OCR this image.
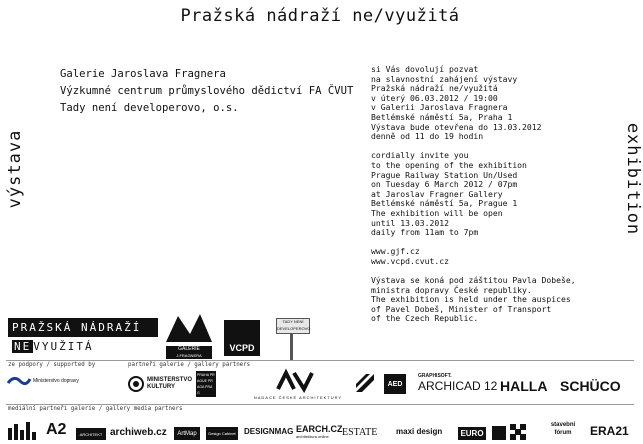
Pražská nádraží ne/využitá
výstava	exhibition
Galerie Jaroslava Fragnera
Výzkumné centrum průmyslového dědictví FA ČVUT
Tady není developerovo, o.s.
si Vás dovolují pozvat
na slavnostní zahájení výstavy
Pražská nádraží ne/využitá
v úterý 06.03.2012 / 19:00
v Galerii Jaroslava Fragnera
Betlémské náměstí 5a, Praha 1
Výstava bude otevřena do 13.03.2012
denně od 11 do 19 hodin
cordially invite you
to the opening of the exhibition
Prague Railway Station Un/Used
on Tuesday 6 March 2012 / 07pm
at Jaroslav Fragner Gallery
Betlémské náměstí 5a, Prague 1
The exhibition will be open
until 13.03.2012
daily from 11am to 7pm
www.gjf.cz
www.vcpd.cvut.cz
Výstava se koná pod záštitou Pavla Dobeše,
ministra dopravy České republiky.
The exhibition is held under the auspices
of Pavel Dobeš, Minister of Transport
of the Czech Republic.
PRAŽSKÁ NÁDRAŽÍ
NE VYUŽITÁ	GALERIE
J.FRAGNERA
VCPD
TADY NENÍ
DEVELOPEROVO
ze podpory / supported by	partneři galerie / gallery partners
mediální partneři galerie / gallery media partners
Ministerstvo dopravy	MINISTERSTVO
KULTURY
PRAHA PRAGUE PRAGA PRAG
NADACE ČESKÉ ARCHITEKTURY
AED
GRAPHISOFT.
ARCHICAD 12 HALLA SCHÜCO
A2	ARCHITEKT archiweb.cz	ArtMap	Design Cabinet DESIGNMAG EARCH.CZ
architektura online	ESTATE maxi design	EURO
stavební fórum	ERA21
